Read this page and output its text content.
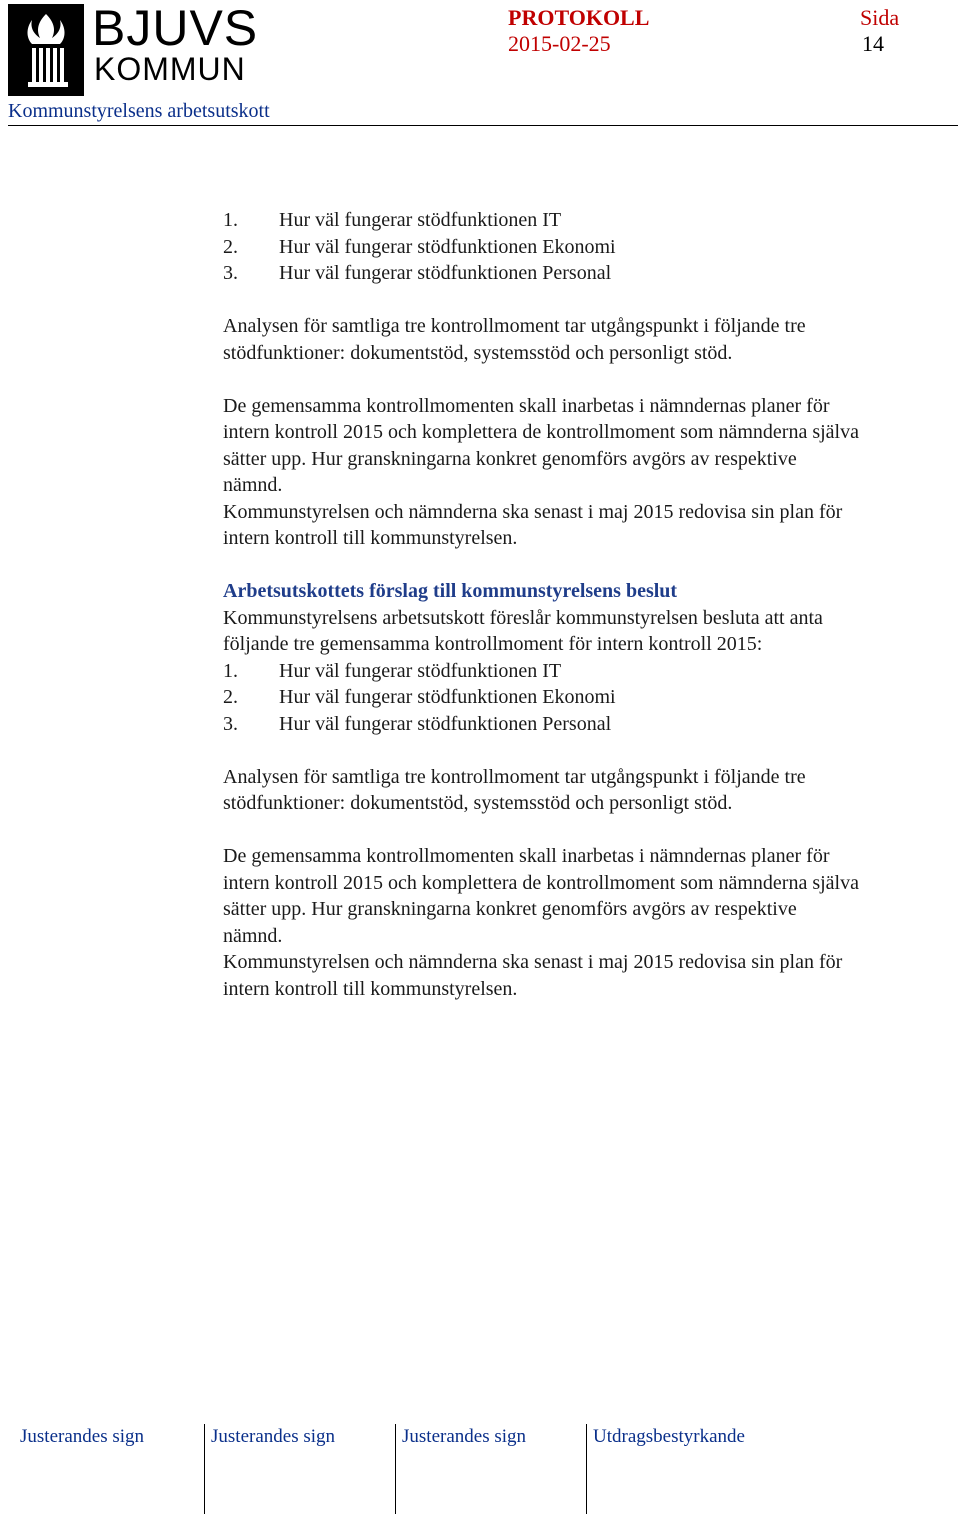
BJUVS
KOMMUN
PROTOKOLL
2015-02-25
Sida
14
Kommunstyrelsens arbetsutskott
1.	Hur väl fungerar stödfunktionen IT
2.	Hur väl fungerar stödfunktionen Ekonomi
3.	Hur väl fungerar stödfunktionen Personal

Analysen för samtliga tre kontrollmoment tar utgångspunkt i följande tre

stödfunktioner: dokumentstöd, systemsstöd och personligt stöd.

De gemensamma kontrollmomenten skall inarbetas i nämndernas planer för

intern kontroll 2015 och komplettera de kontrollmoment som nämnderna själva

sätter upp. Hur granskningarna konkret genomförs avgörs av respektive

nämnd.

Kommunstyrelsen och nämnderna ska senast i maj 2015 redovisa sin plan för

intern kontroll till kommunstyrelsen.

Arbetsutskottets förslag till kommunstyrelsens beslut

Kommunstyrelsens arbetsutskott föreslår kommunstyrelsen besluta att anta

följande tre gemensamma kontrollmoment för intern kontroll 2015:

1.	Hur väl fungerar stödfunktionen IT
2.	Hur väl fungerar stödfunktionen Ekonomi
3.	Hur väl fungerar stödfunktionen Personal

Analysen för samtliga tre kontrollmoment tar utgångspunkt i följande tre

stödfunktioner: dokumentstöd, systemsstöd och personligt stöd.

De gemensamma kontrollmomenten skall inarbetas i nämndernas planer för

intern kontroll 2015 och komplettera de kontrollmoment som nämnderna själva

sätter upp. Hur granskningarna konkret genomförs avgörs av respektive

nämnd.

Kommunstyrelsen och nämnderna ska senast i maj 2015 redovisa sin plan för

intern kontroll till kommunstyrelsen.

Justerandes sign	Justerandes sign	Justerandes sign	Utdragsbestyrkande
